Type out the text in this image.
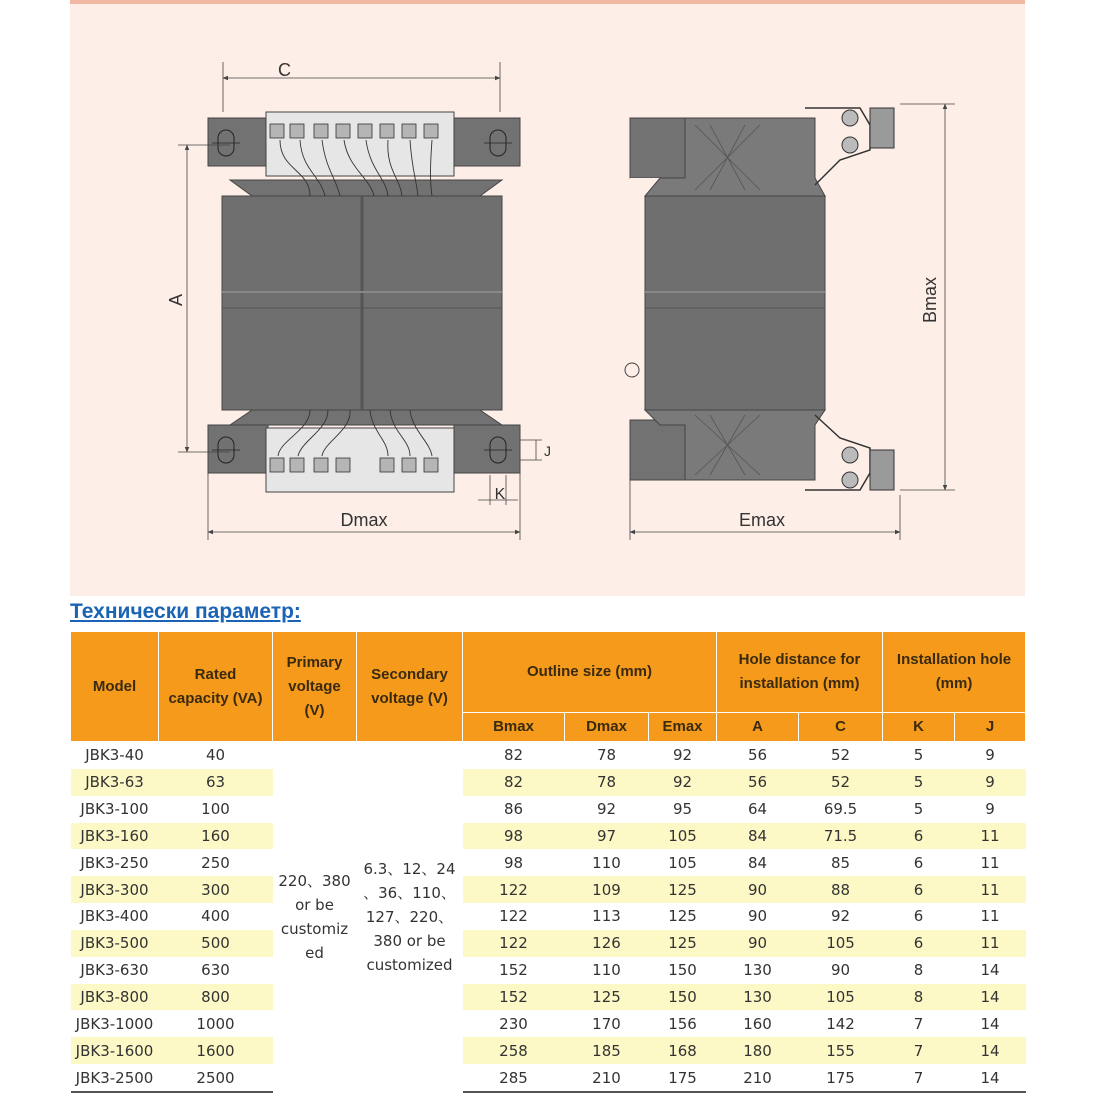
C
A
Dmax
K
J
Bmax
Emax
Технически параметр:
Model	Rated capacity (VA)	Primary voltage (V)	Secondary voltage (V)	Outline size (mm)			Hole distance for installation (mm)		Installation hole (mm)	
				Bmax	Dmax	Emax	A	C	K	J
JBK3-40	40	220、380 or be customiz ed	6.3、12、24 、36、110、 127、220、 380 or be customized	82	78	92	56	52	5	9
JBK3-63	63			82	78	92	56	52	5	9
JBK3-100	100			86	92	95	64	69.5	5	9
JBK3-160	160			98	97	105	84	71.5	6	11
JBK3-250	250			98	110	105	84	85	6	11
JBK3-300	300			122	109	125	90	88	6	11
JBK3-400	400			122	113	125	90	92	6	11
JBK3-500	500			122	126	125	90	105	6	11
JBK3-630	630			152	110	150	130	90	8	14
JBK3-800	800			152	125	150	130	105	8	14
JBK3-1000	1000			230	170	156	160	142	7	14
JBK3-1600	1600			258	185	168	180	155	7	14
JBK3-2500	2500			285	210	175	210	175	7	14
